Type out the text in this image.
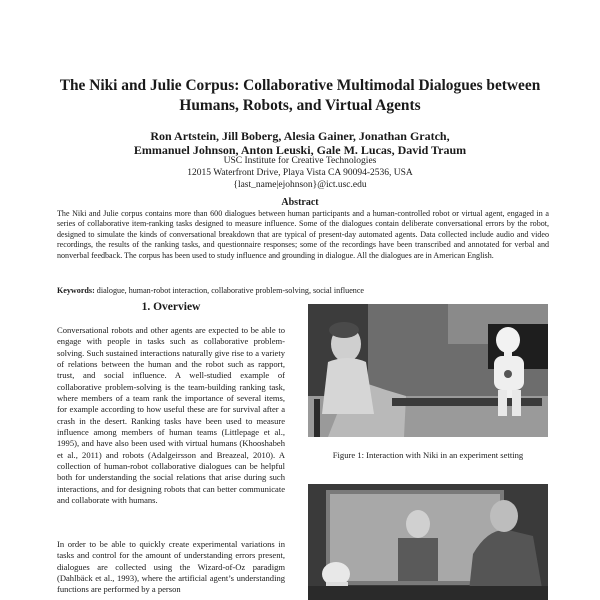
The Niki and Julie Corpus: Collaborative Multimodal Dialogues between Humans, Robots, and Virtual Agents
Ron Artstein, Jill Boberg, Alesia Gainer, Jonathan Gratch,
Emmanuel Johnson, Anton Leuski, Gale M. Lucas, David Traum
USC Institute for Creative Technologies
12015 Waterfront Drive, Playa Vista CA 90094-2536, USA
{last_name|ejohnson}@ict.usc.edu
Abstract
The Niki and Julie corpus contains more than 600 dialogues between human participants and a human-controlled robot or virtual agent, engaged in a series of collaborative item-ranking tasks designed to measure influence. Some of the dialogues contain deliberate conversational errors by the robot, designed to simulate the kinds of conversational breakdown that are typical of present-day automated agents. Data collected include audio and video recordings, the results of the ranking tasks, and questionnaire responses; some of the recordings have been transcribed and annotated for verbal and nonverbal feedback. The corpus has been used to study influence and grounding in dialogue. All the dialogues are in American English.
Keywords: dialogue, human-robot interaction, collaborative problem-solving, social influence
1. Overview
Conversational robots and other agents are expected to be able to engage with people in tasks such as collaborative problem-solving. Such sustained interactions naturally give rise to a variety of relations between the human and the robot such as rapport, trust, and social influence. A well-studied example of collaborative problem-solving is the team-building ranking task, where members of a team rank the importance of several items, for example according to how useful these are for survival after a crash in the desert. Ranking tasks have been used to measure influence among members of human teams (Littlepage et al., 1995), and have also been used with virtual humans (Khooshabeh et al., 2011) and robots (Adalgeirsson and Breazeal, 2010). A collection of human-robot collaborative dialogues can be helpful both for understanding the social relations that arise during such interactions, and for designing robots that can better communicate and collaborate with humans.
In order to be able to quickly create experimental variations in tasks and control for the amount of understanding errors present, dialogues are collected using the Wizard-of-Oz paradigm (Dahlbäck et al., 1993), where the artificial agent’s understanding functions are performed by a person
Figure 1: Interaction with Niki in an experiment setting
